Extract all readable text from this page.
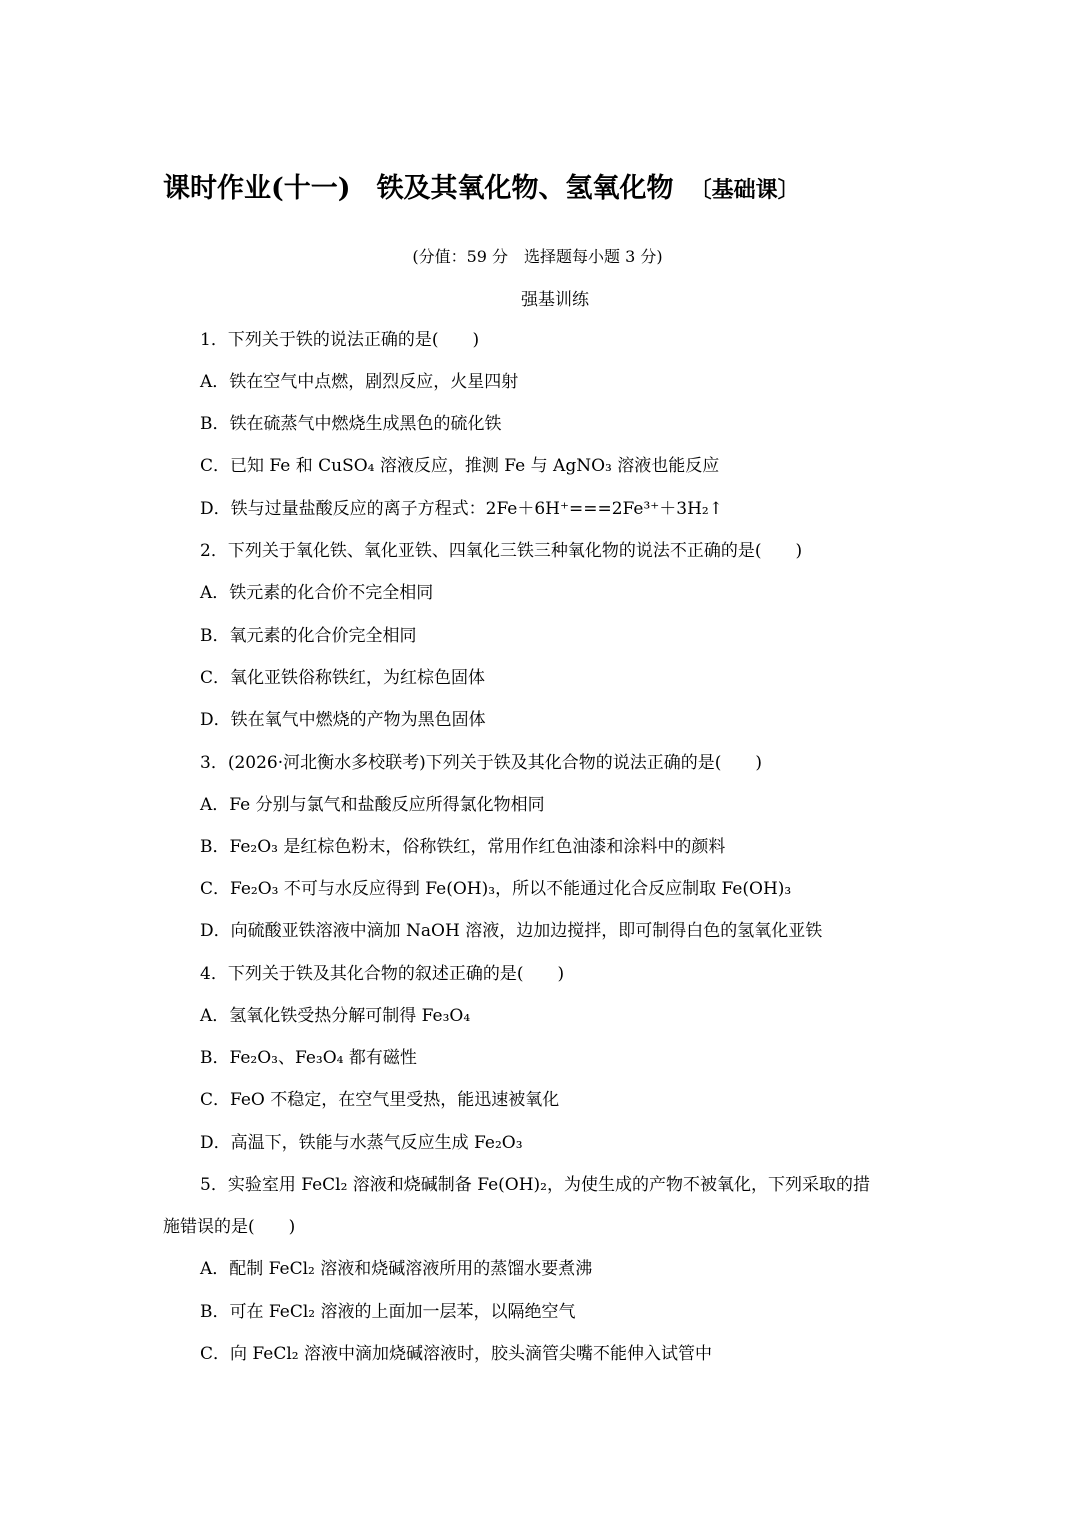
课时作业(十一) 铁及其氧化物、氢氧化物 〔基础课〕
(分值：59 分　选择题每小题 3 分)
强基训练
1．下列关于铁的说法正确的是(　　)
A．铁在空气中点燃，剧烈反应，火星四射
B．铁在硫蒸气中燃烧生成黑色的硫化铁
C．已知 Fe 和 CuSO₄ 溶液反应，推测 Fe 与 AgNO₃ 溶液也能反应
D．铁与过量盐酸反应的离子方程式：2Fe＋6H⁺===2Fe³⁺＋3H₂↑
2．下列关于氧化铁、氧化亚铁、四氧化三铁三种氧化物的说法不正确的是(　　)
A．铁元素的化合价不完全相同
B．氧元素的化合价完全相同
C．氧化亚铁俗称铁红，为红棕色固体
D．铁在氧气中燃烧的产物为黑色固体
3．(2026·河北衡水多校联考)下列关于铁及其化合物的说法正确的是(　　)
A．Fe 分别与氯气和盐酸反应所得氯化物相同
B．Fe₂O₃ 是红棕色粉末，俗称铁红，常用作红色油漆和涂料中的颜料
C．Fe₂O₃ 不可与水反应得到 Fe(OH)₃，所以不能通过化合反应制取 Fe(OH)₃
D．向硫酸亚铁溶液中滴加 NaOH 溶液，边加边搅拌，即可制得白色的氢氧化亚铁
4．下列关于铁及其化合物的叙述正确的是(　　)
A．氢氧化铁受热分解可制得 Fe₃O₄
B．Fe₂O₃、Fe₃O₄ 都有磁性
C．FeO 不稳定，在空气里受热，能迅速被氧化
D．高温下，铁能与水蒸气反应生成 Fe₂O₃
5．实验室用 FeCl₂ 溶液和烧碱制备 Fe(OH)₂，为使生成的产物不被氧化，下列采取的措
施错误的是(　　)
A．配制 FeCl₂ 溶液和烧碱溶液所用的蒸馏水要煮沸
B．可在 FeCl₂ 溶液的上面加一层苯，以隔绝空气
C．向 FeCl₂ 溶液中滴加烧碱溶液时，胶头滴管尖嘴不能伸入试管中
